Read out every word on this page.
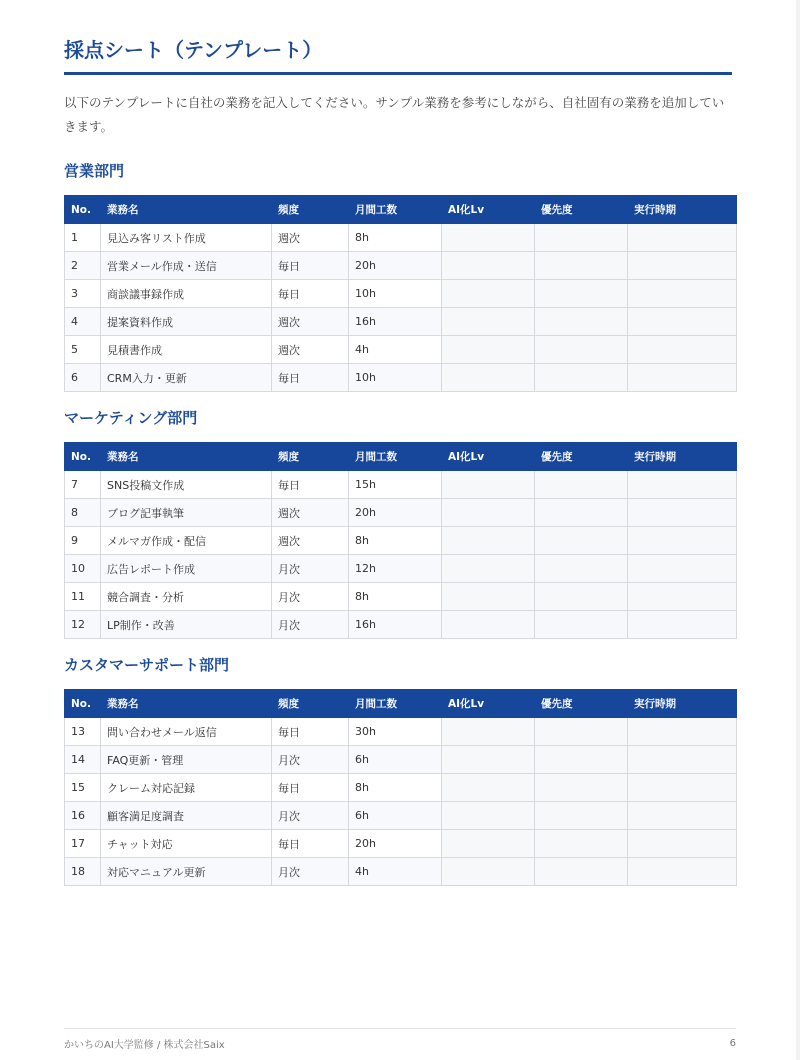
採点シート（テンプレート）

以下のテンプレートに自社の業務を記入してください。サンプル業務を参考にしながら、自社固有の業務を追加していきます。

営業部門
No.	業務名	頻度	月間工数	AI化Lv	優先度	実行時期
1	見込み客リスト作成	週次	8h			
2	営業メール作成・送信	毎日	20h			
3	商談議事録作成	毎日	10h			
4	提案資料作成	週次	16h			
5	見積書作成	週次	4h			
6	CRM入力・更新	毎日	10h			
マーケティング部門
No.	業務名	頻度	月間工数	AI化Lv	優先度	実行時期
7	SNS投稿文作成	毎日	15h			
8	ブログ記事執筆	週次	20h			
9	メルマガ作成・配信	週次	8h			
10	広告レポート作成	月次	12h			
11	競合調査・分析	月次	8h			
12	LP制作・改善	月次	16h			
カスタマーサポート部門
No.	業務名	頻度	月間工数	AI化Lv	優先度	実行時期
13	問い合わせメール返信	毎日	30h			
14	FAQ更新・管理	月次	6h			
15	クレーム対応記録	毎日	8h			
16	顧客満足度調査	月次	6h			
17	チャット対応	毎日	20h			
18	対応マニュアル更新	月次	4h			
かいちのAI大学監修 / 株式会社Saix	6
